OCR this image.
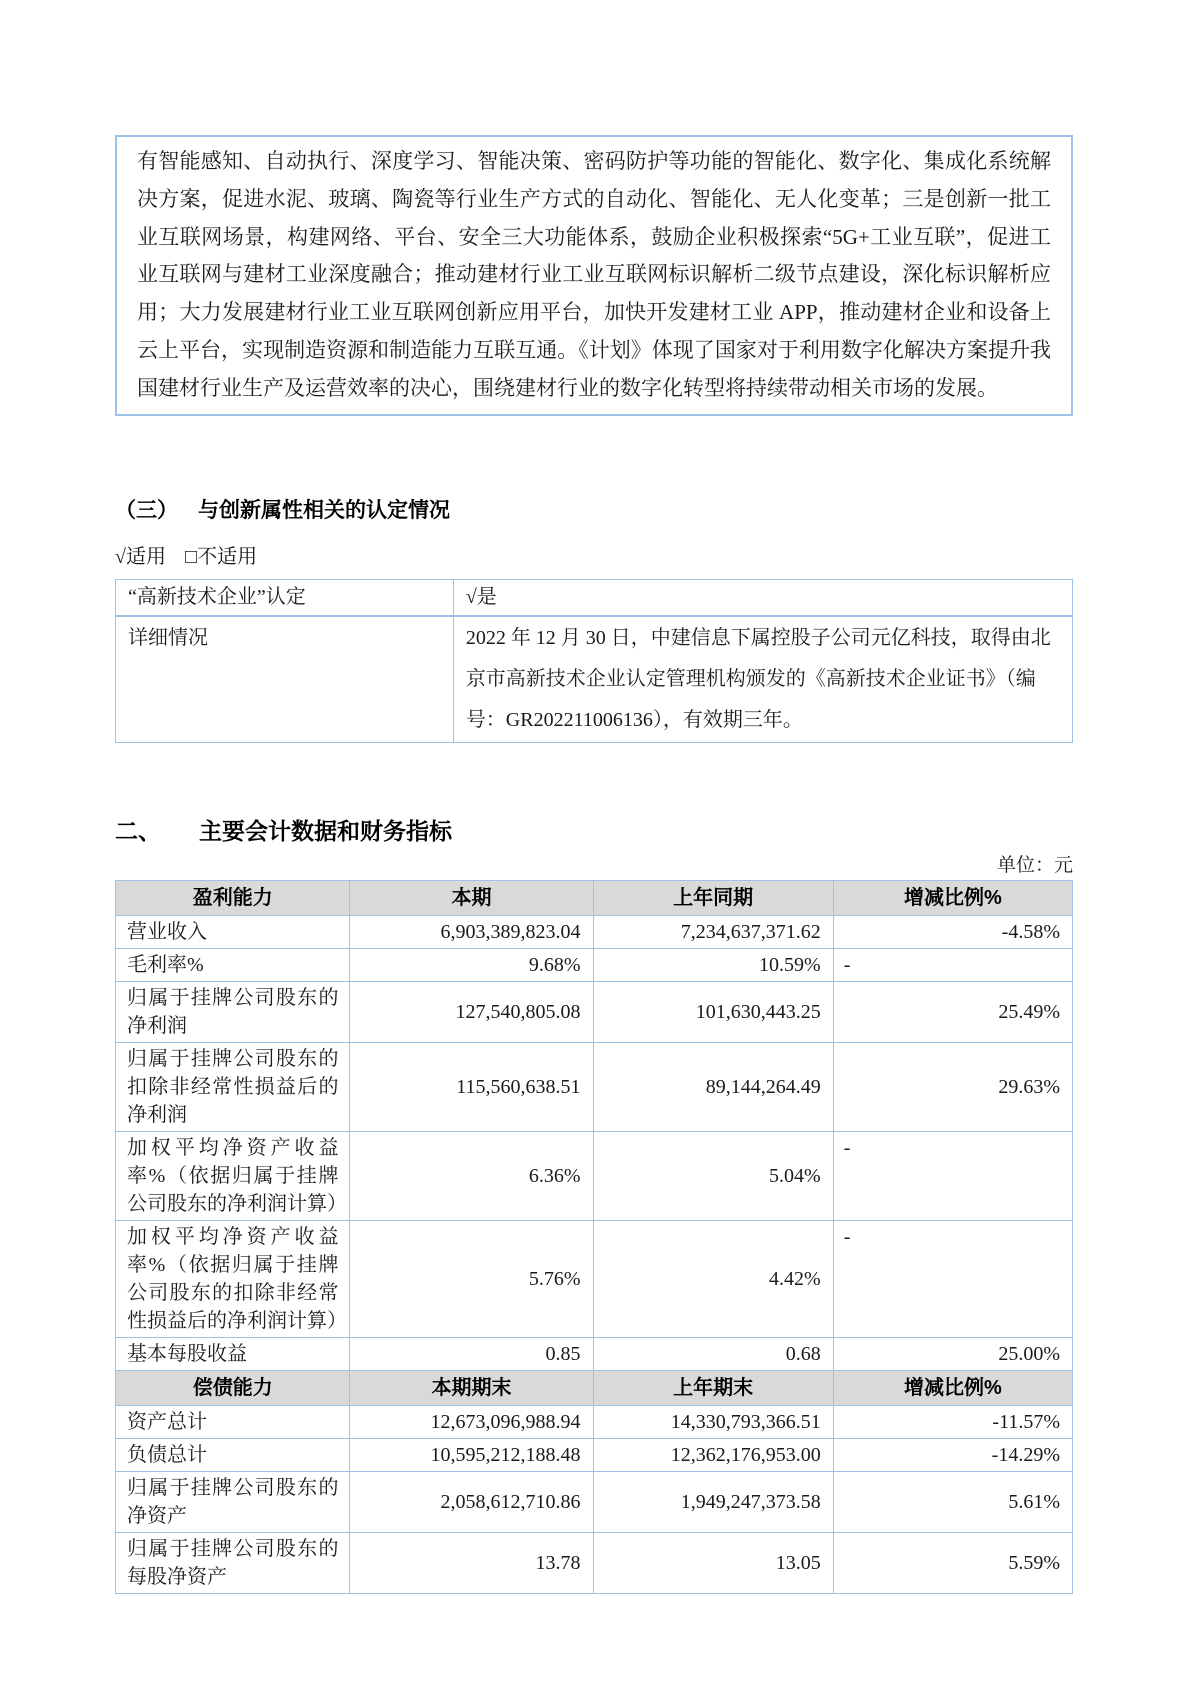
有智能感知、自动执行、深度学习、智能决策、密码防护等功能的智能化、数字化、集成化系统解决方案，促进水泥、玻璃、陶瓷等行业生产方式的自动化、智能化、无人化变革；三是创新一批工业互联网场景，构建网络、平台、安全三大功能体系，鼓励企业积极探索“5G+工业互联”，促进工业互联网与建材工业深度融合；推动建材行业工业互联网标识解析二级节点建设，深化标识解析应用；大力发展建材行业工业互联网创新应用平台，加快开发建材工业 APP，推动建材企业和设备上云上平台，实现制造资源和制造能力互联互通。《计划》体现了国家对于利用数字化解决方案提升我国建材行业生产及运营效率的决心，围绕建材行业的数字化转型将持续带动相关市场的发展。
（三） 与创新属性相关的认定情况
√适用 □不适用
“高新技术企业”认定	√是
详细情况	2022 年 12 月 30 日，中建信息下属控股子公司元亿科技，取得由北京市高新技术企业认定管理机构颁发的《高新技术企业证书》（编号：GR202211006136），有效期三年。
二、 主要会计数据和财务指标
单位：元
盈利能力	本期	上年同期	增减比例%
营业收入	6,903,389,823.04	7,234,637,371.62	-4.58%
毛利率%	9.68%	10.59%	-
归属于挂牌公司股东的净利润	127,540,805.08	101,630,443.25	25.49%
归属于挂牌公司股东的扣除非经常性损益后的净利润	115,560,638.51	89,144,264.49	29.63%
加权平均净资产收益率%（依据归属于挂牌公司股东的净利润计算）	6.36%	5.04%	-
加权平均净资产收益率%（依据归属于挂牌公司股东的扣除非经常性损益后的净利润计算）	5.76%	4.42%	-
基本每股收益	0.85	0.68	25.00%
偿债能力	本期期末	上年期末	增减比例%
资产总计	12,673,096,988.94	14,330,793,366.51	-11.57%
负债总计	10,595,212,188.48	12,362,176,953.00	-14.29%
归属于挂牌公司股东的净资产	2,058,612,710.86	1,949,247,373.58	5.61%
归属于挂牌公司股东的每股净资产	13.78	13.05	5.59%
